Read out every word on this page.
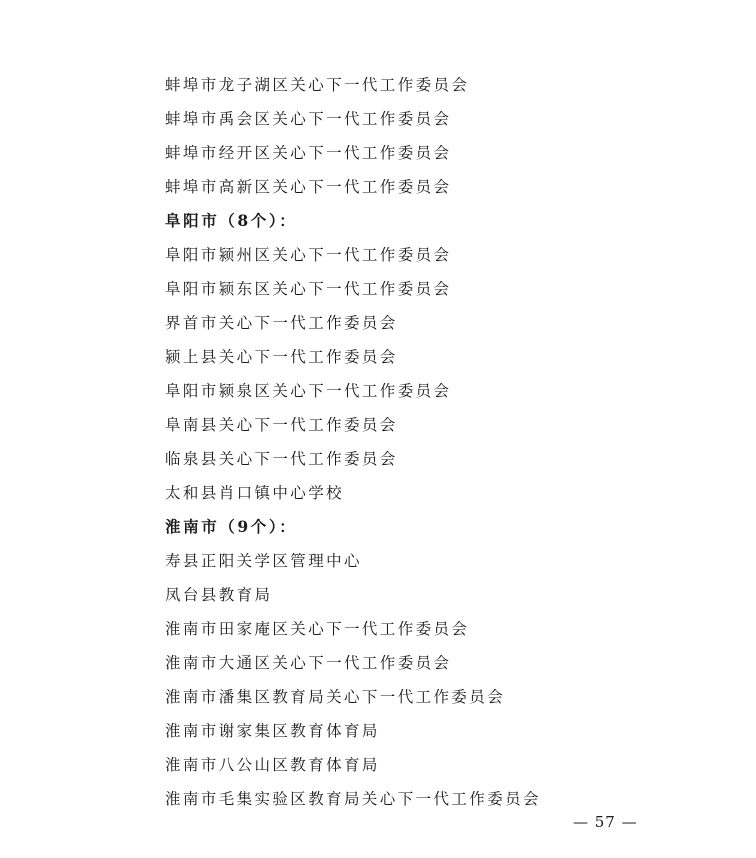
蚌埠市龙子湖区关心下一代工作委员会
蚌埠市禹会区关心下一代工作委员会
蚌埠市经开区关心下一代工作委员会
蚌埠市高新区关心下一代工作委员会
阜阳市（8个）：
阜阳市颍州区关心下一代工作委员会
阜阳市颍东区关心下一代工作委员会
界首市关心下一代工作委员会
颍上县关心下一代工作委员会
阜阳市颍泉区关心下一代工作委员会
阜南县关心下一代工作委员会
临泉县关心下一代工作委员会
太和县肖口镇中心学校
淮南市（9个）：
寿县正阳关学区管理中心
凤台县教育局
淮南市田家庵区关心下一代工作委员会
淮南市大通区关心下一代工作委员会
淮南市潘集区教育局关心下一代工作委员会
淮南市谢家集区教育体育局
淮南市八公山区教育体育局
淮南市毛集实验区教育局关心下一代工作委员会
— 57 —
